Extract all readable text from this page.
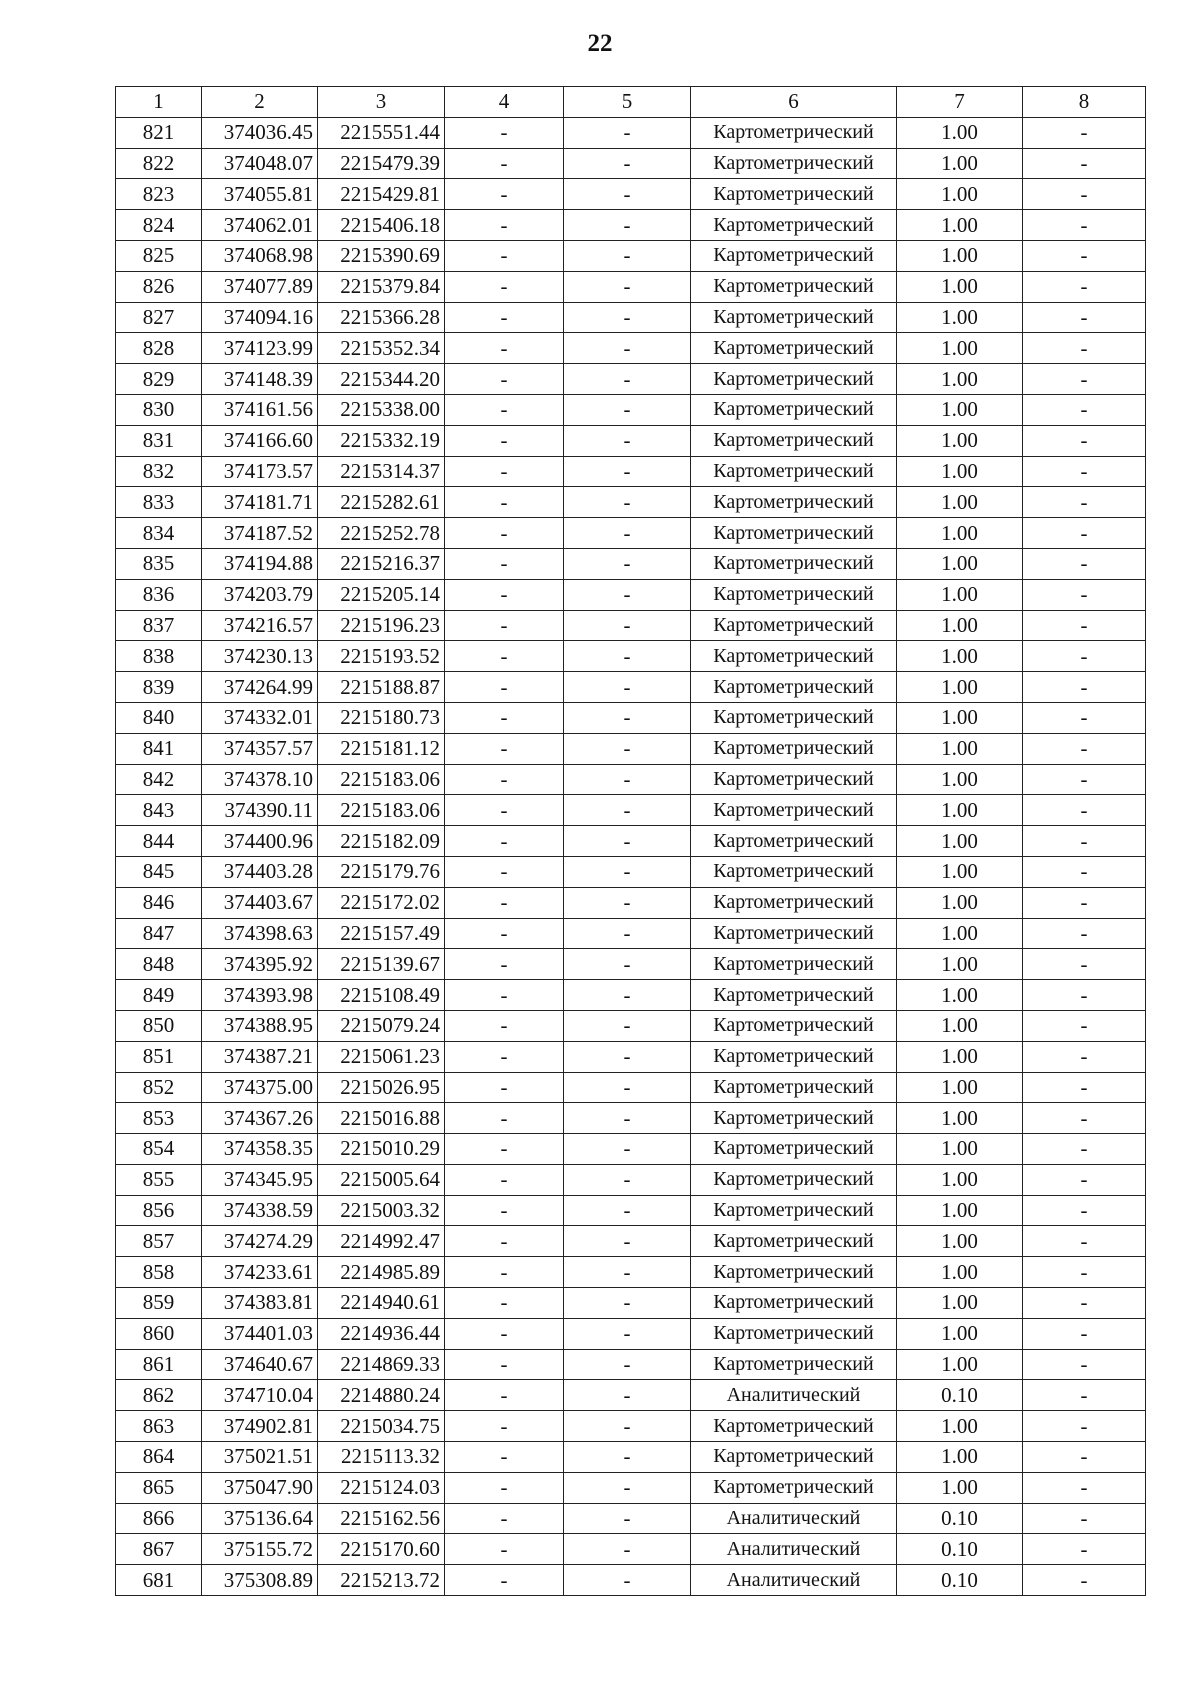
22
1	2	3	4	5	6	7	8
821	374036.45	2215551.44	-	-	Картометрический	1.00	-
822	374048.07	2215479.39	-	-	Картометрический	1.00	-
823	374055.81	2215429.81	-	-	Картометрический	1.00	-
824	374062.01	2215406.18	-	-	Картометрический	1.00	-
825	374068.98	2215390.69	-	-	Картометрический	1.00	-
826	374077.89	2215379.84	-	-	Картометрический	1.00	-
827	374094.16	2215366.28	-	-	Картометрический	1.00	-
828	374123.99	2215352.34	-	-	Картометрический	1.00	-
829	374148.39	2215344.20	-	-	Картометрический	1.00	-
830	374161.56	2215338.00	-	-	Картометрический	1.00	-
831	374166.60	2215332.19	-	-	Картометрический	1.00	-
832	374173.57	2215314.37	-	-	Картометрический	1.00	-
833	374181.71	2215282.61	-	-	Картометрический	1.00	-
834	374187.52	2215252.78	-	-	Картометрический	1.00	-
835	374194.88	2215216.37	-	-	Картометрический	1.00	-
836	374203.79	2215205.14	-	-	Картометрический	1.00	-
837	374216.57	2215196.23	-	-	Картометрический	1.00	-
838	374230.13	2215193.52	-	-	Картометрический	1.00	-
839	374264.99	2215188.87	-	-	Картометрический	1.00	-
840	374332.01	2215180.73	-	-	Картометрический	1.00	-
841	374357.57	2215181.12	-	-	Картометрический	1.00	-
842	374378.10	2215183.06	-	-	Картометрический	1.00	-
843	374390.11	2215183.06	-	-	Картометрический	1.00	-
844	374400.96	2215182.09	-	-	Картометрический	1.00	-
845	374403.28	2215179.76	-	-	Картометрический	1.00	-
846	374403.67	2215172.02	-	-	Картометрический	1.00	-
847	374398.63	2215157.49	-	-	Картометрический	1.00	-
848	374395.92	2215139.67	-	-	Картометрический	1.00	-
849	374393.98	2215108.49	-	-	Картометрический	1.00	-
850	374388.95	2215079.24	-	-	Картометрический	1.00	-
851	374387.21	2215061.23	-	-	Картометрический	1.00	-
852	374375.00	2215026.95	-	-	Картометрический	1.00	-
853	374367.26	2215016.88	-	-	Картометрический	1.00	-
854	374358.35	2215010.29	-	-	Картометрический	1.00	-
855	374345.95	2215005.64	-	-	Картометрический	1.00	-
856	374338.59	2215003.32	-	-	Картометрический	1.00	-
857	374274.29	2214992.47	-	-	Картометрический	1.00	-
858	374233.61	2214985.89	-	-	Картометрический	1.00	-
859	374383.81	2214940.61	-	-	Картометрический	1.00	-
860	374401.03	2214936.44	-	-	Картометрический	1.00	-
861	374640.67	2214869.33	-	-	Картометрический	1.00	-
862	374710.04	2214880.24	-	-	Аналитический	0.10	-
863	374902.81	2215034.75	-	-	Картометрический	1.00	-
864	375021.51	2215113.32	-	-	Картометрический	1.00	-
865	375047.90	2215124.03	-	-	Картометрический	1.00	-
866	375136.64	2215162.56	-	-	Аналитический	0.10	-
867	375155.72	2215170.60	-	-	Аналитический	0.10	-
681	375308.89	2215213.72	-	-	Аналитический	0.10	-
